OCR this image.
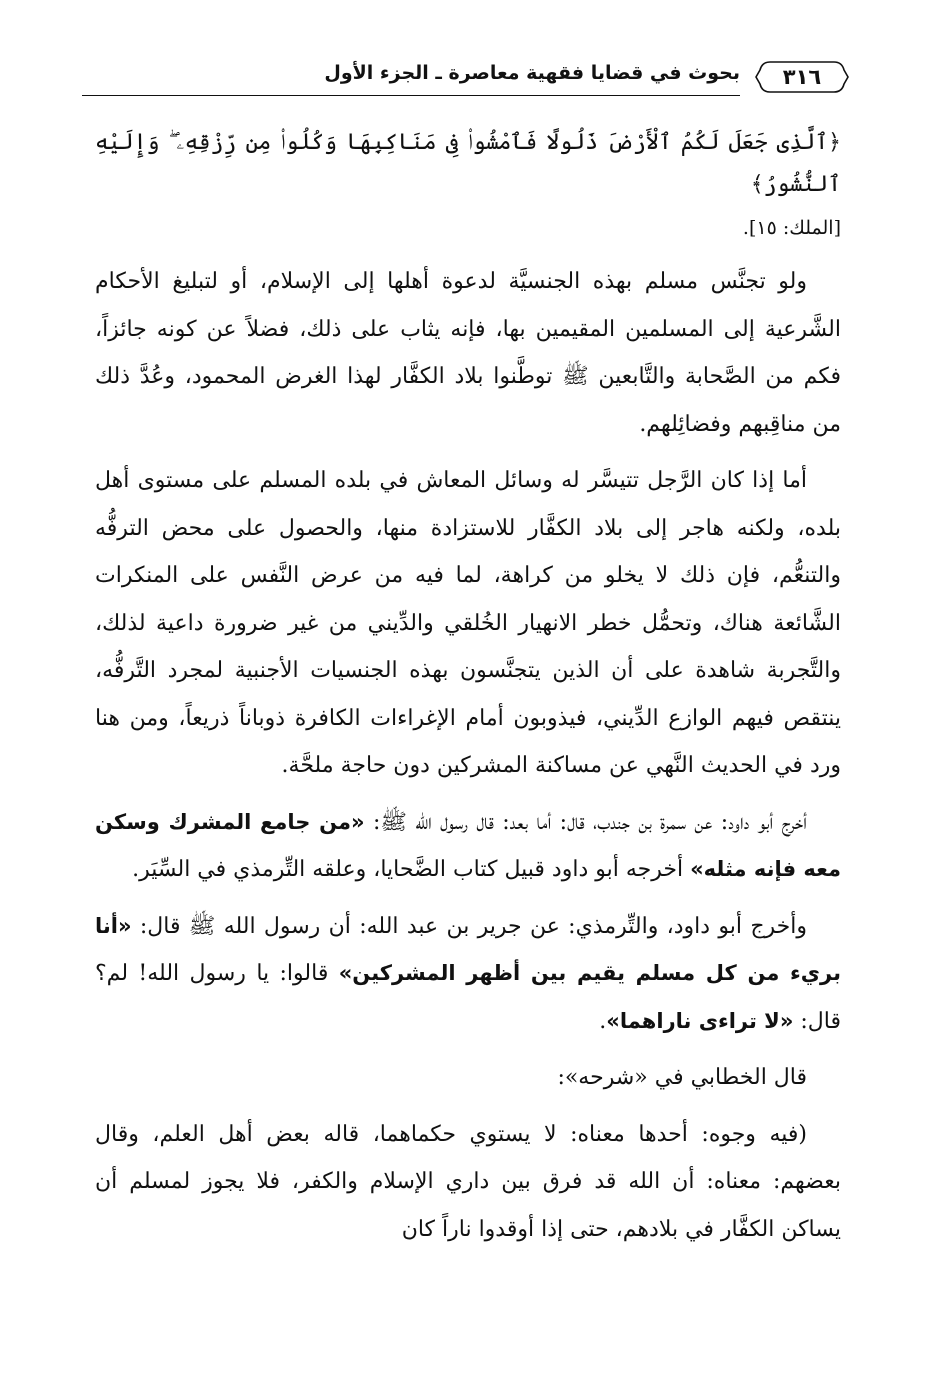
٣١٦
بحوث في قضايا فقهية معاصرة ـ الجزء الأول

﴿ٱلَّذِى جَعَلَ لَكُمُ ٱلْأَرْضَ ذَلُولًا فَٱمْشُوا۟ فِى مَنَاكِبِهَا وَكُلُوا۟ مِن رِّزْقِهِۦ ۖ وَإِلَيْهِ ٱلنُّشُورُ﴾

[الملك: ١٥].

ولو تجنَّس مسلم بهذه الجنسيَّة لدعوة أهلها إلى الإسلام، أو لتبليغ الأحكام الشَّرعية إلى المسلمين المقيمين بها، فإنه يثاب على ذلك، فضلاً عن كونه جائزاً، فكم من الصَّحابة والتَّابعين ﷺ توطَّنوا بلاد الكفَّار لهذا الغرض المحمود، وعُدَّ ذلك من مناقِبهم وفضائِلهم.

أما إذا كان الرَّجل تتيسَّر له وسائل المعاش في بلده المسلم على مستوى أهل بلده، ولكنه هاجر إلى بلاد الكفَّار للاستزادة منها، والحصول على محض الترفُّه والتنعُّم، فإن ذلك لا يخلو من كراهة، لما فيه من عرض النَّفس على المنكرات الشَّائعة هناك، وتحمُّل خطر الانهيار الخُلقي والدِّيني من غير ضرورة داعية لذلك، والتَّجربة شاهدة على أن الذين يتجنَّسون بهذه الجنسيات الأجنبية لمجرد التَّرفُّه، ينتقص فيهم الوازع الدِّيني، فيذوبون أمام الإغراءات الكافرة ذوباناً ذريعاً، ومن هنا ورد في الحديث النَّهي عن مساكنة المشركين دون حاجة ملحَّة.

أخرج أبو داود: عن سمرة بن جندب، قال: أما بعد: قال رسول الله ﷺ: «من جامع المشرك وسكن معه فإنه مثله» أخرجه أبو داود قبيل كتاب الضَّحايا، وعلقه التِّرمذي في السِّيَر.

وأخرج أبو داود، والتِّرمذي: عن جرير بن عبد الله: أن رسول الله ﷺ قال: «أنا بريء من كل مسلم يقيم بين أظهر المشركين» قالوا: يا رسول الله! لم؟ قال: «لا تراءى ناراهما».

قال الخطابي في «شرحه»:

(فيه وجوه: أحدها معناه: لا يستوي حكماهما، قاله بعض أهل العلم، وقال بعضهم: معناه: أن الله قد فرق بين داري الإسلام والكفر، فلا يجوز لمسلم أن يساكن الكفَّار في بلادهم، حتى إذا أوقدوا ناراً كان
